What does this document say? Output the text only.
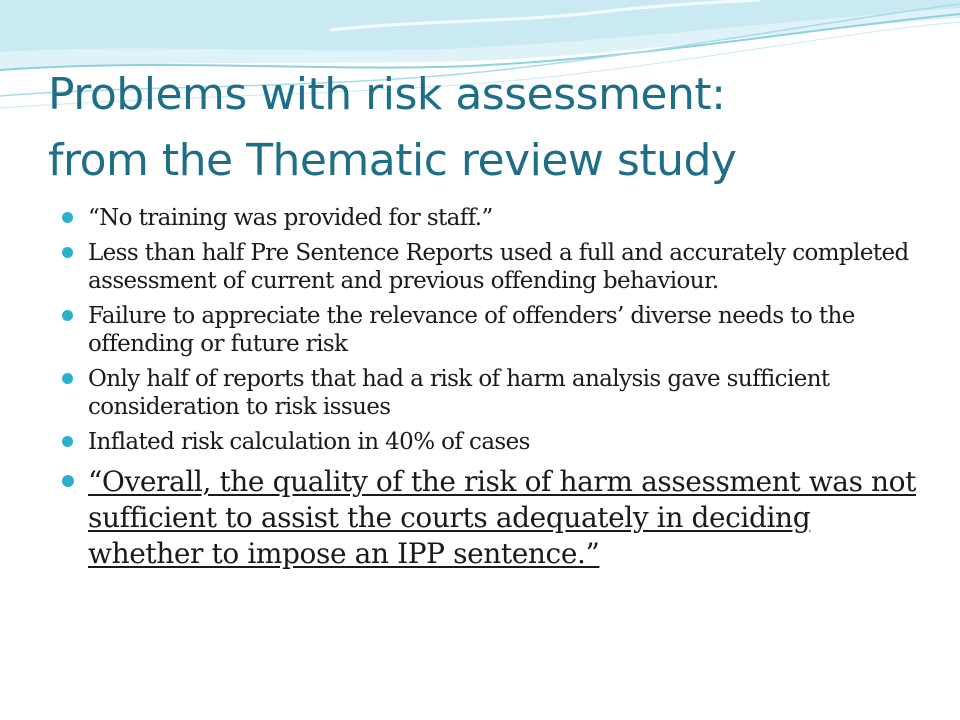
Problems with risk assessment:
from the Thematic review study
“No training was provided for staff.”
Less than half Pre Sentence Reports used a full and accurately completed assessment of current and previous offending behaviour.
Failure to appreciate the relevance of offenders’ diverse needs to the offending or future risk
Only half of reports that had a risk of harm analysis gave sufficient consideration to risk issues
Inflated risk calculation in 40% of cases
“Overall, the quality of the risk of harm assessment was not sufficient to assist the courts adequately in deciding whether to impose an IPP sentence.”
